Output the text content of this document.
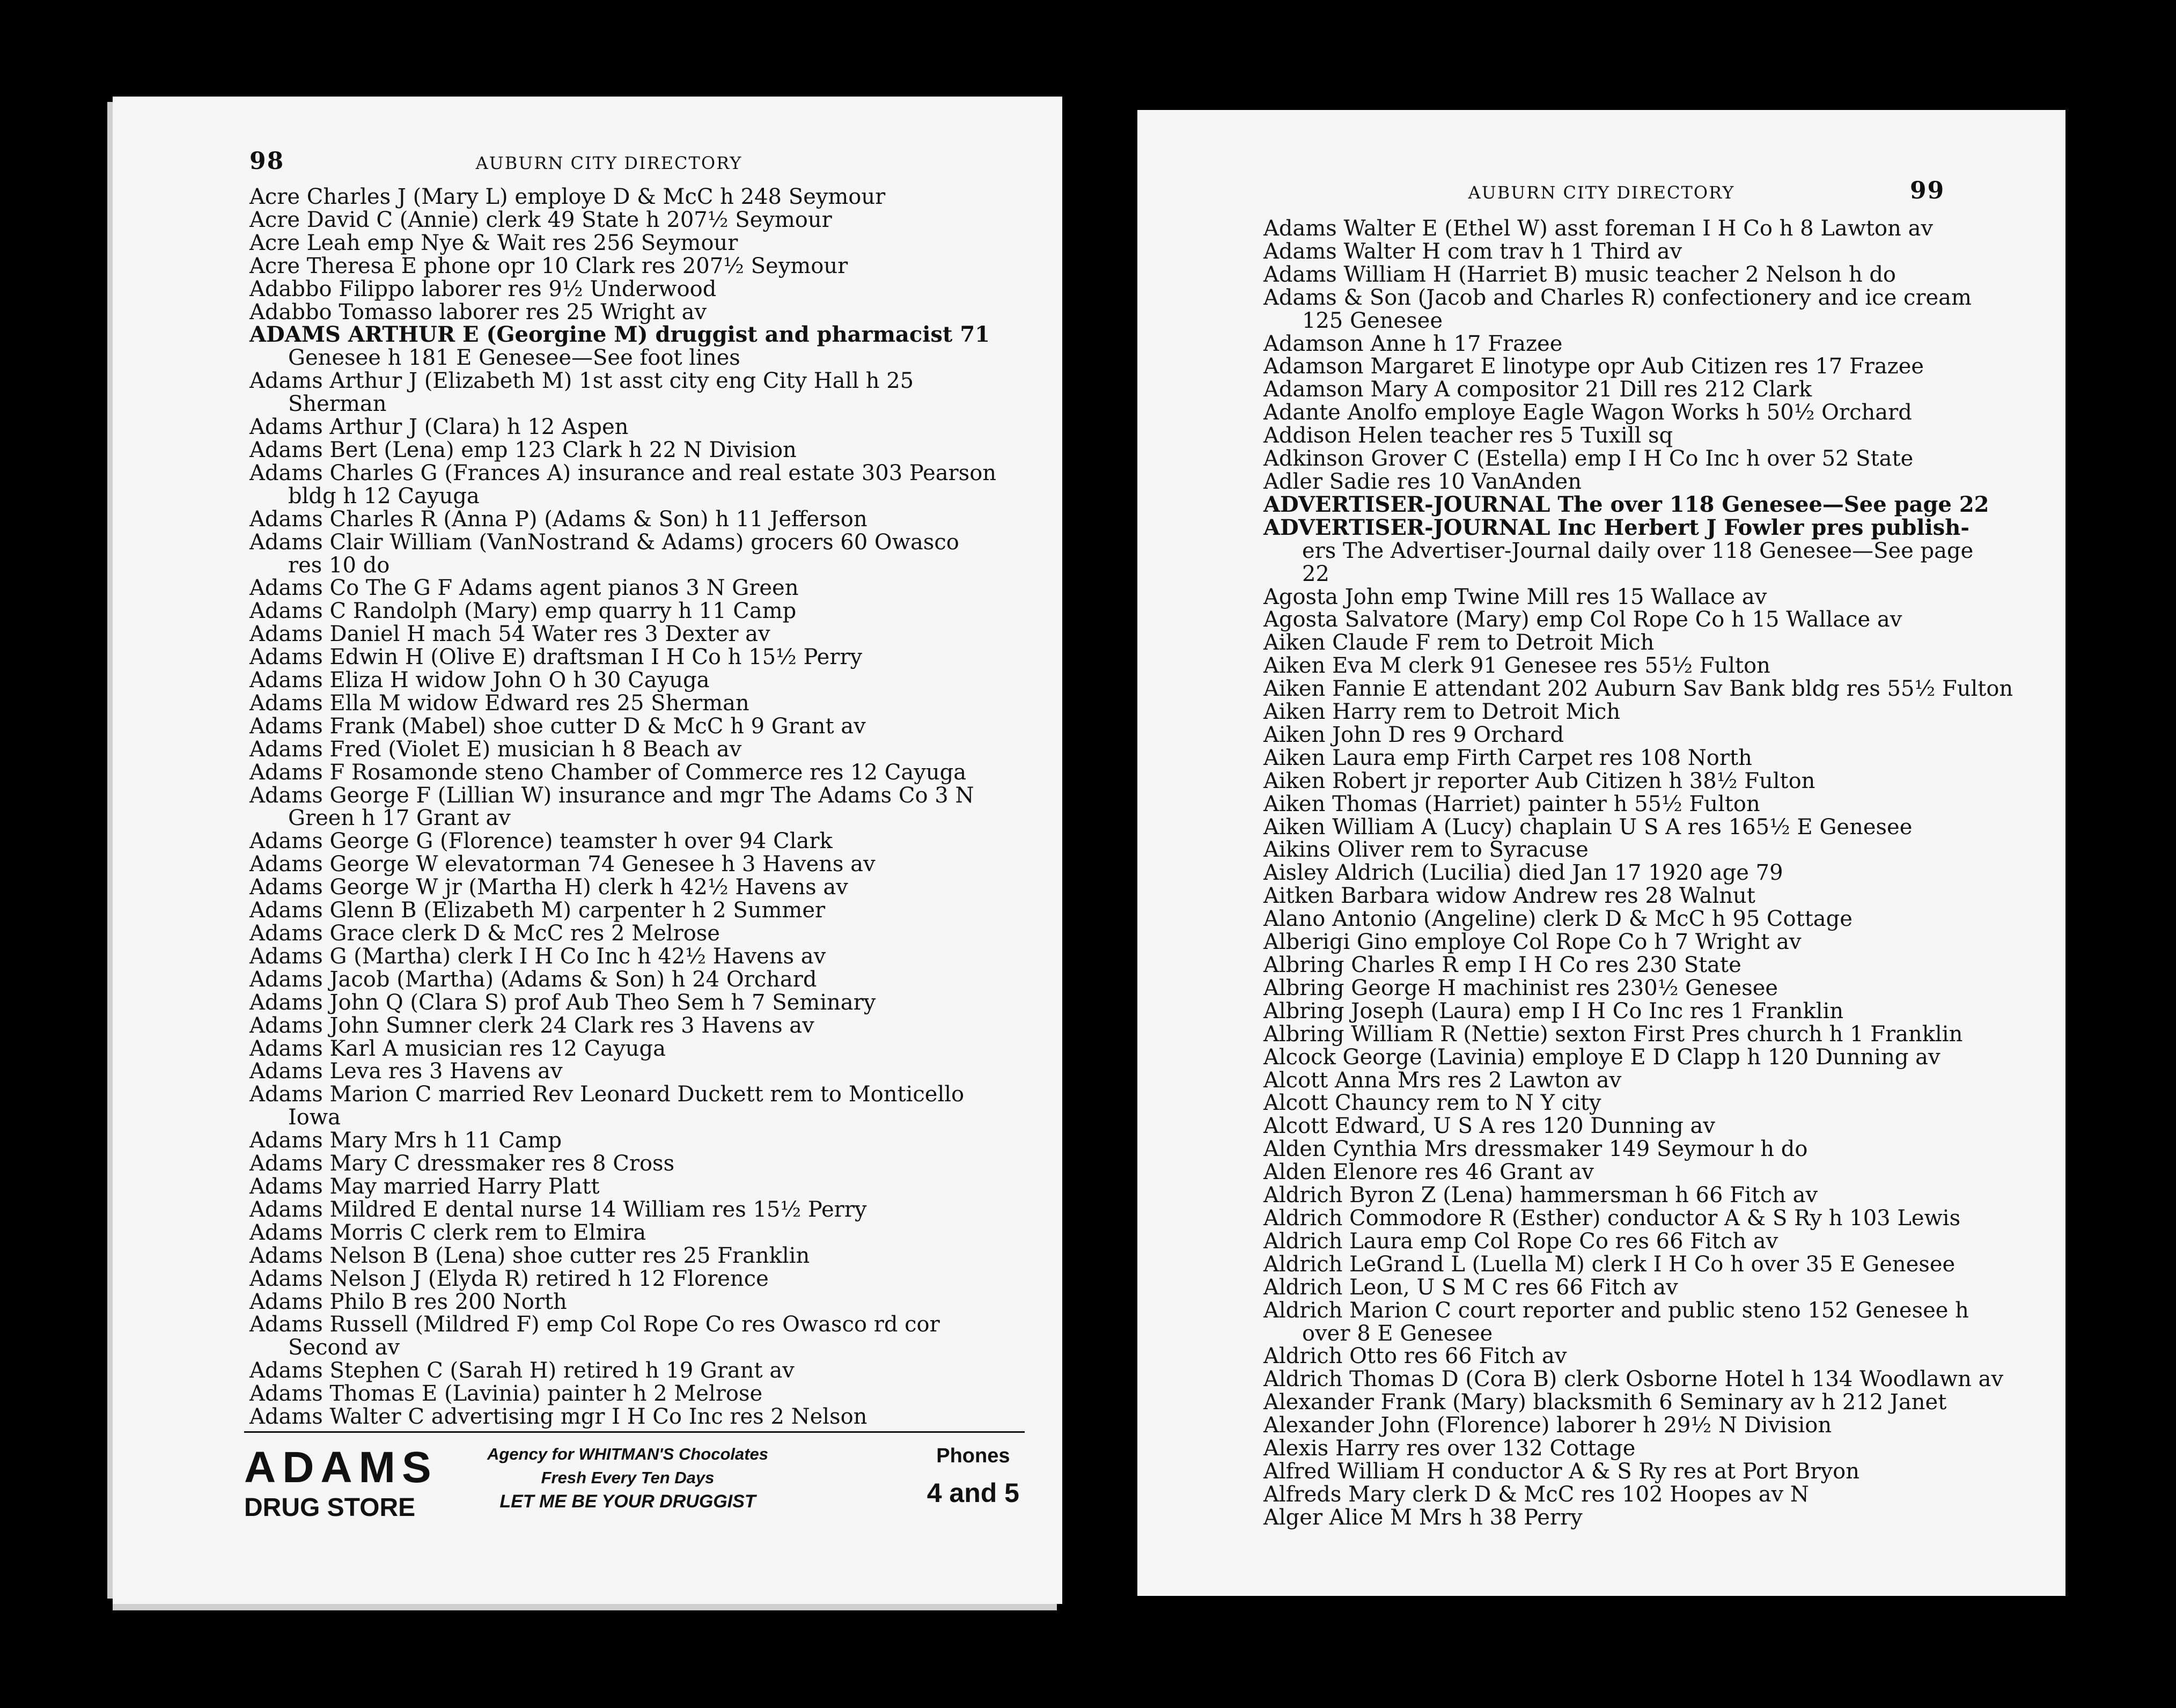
98	AUBURN CITY DIRECTORY
Acre Charles J (Mary L) employe D & McC h 248 Seymour
Acre David C (Annie) clerk 49 State h 207½ Seymour
Acre Leah emp Nye & Wait res 256 Seymour
Acre Theresa E phone opr 10 Clark res 207½ Seymour
Adabbo Filippo laborer res 9½ Underwood
Adabbo Tomasso laborer res 25 Wright av
ADAMS ARTHUR E (Georgine M) druggist and pharmacist 71
Genesee h 181 E Genesee—See foot lines
Adams Arthur J (Elizabeth M) 1st asst city eng City Hall h 25
Sherman
Adams Arthur J (Clara) h 12 Aspen
Adams Bert (Lena) emp 123 Clark h 22 N Division
Adams Charles G (Frances A) insurance and real estate 303 Pearson
bldg h 12 Cayuga
Adams Charles R (Anna P) (Adams & Son) h 11 Jefferson
Adams Clair William (VanNostrand & Adams) grocers 60 Owasco
res 10 do
Adams Co The G F Adams agent pianos 3 N Green
Adams C Randolph (Mary) emp quarry h 11 Camp
Adams Daniel H mach 54 Water res 3 Dexter av
Adams Edwin H (Olive E) draftsman I H Co h 15½ Perry
Adams Eliza H widow John O h 30 Cayuga
Adams Ella M widow Edward res 25 Sherman
Adams Frank (Mabel) shoe cutter D & McC h 9 Grant av
Adams Fred (Violet E) musician h 8 Beach av
Adams F Rosamonde steno Chamber of Commerce res 12 Cayuga
Adams George F (Lillian W) insurance and mgr The Adams Co 3 N
Green h 17 Grant av
Adams George G (Florence) teamster h over 94 Clark
Adams George W elevatorman 74 Genesee h 3 Havens av
Adams George W jr (Martha H) clerk h 42½ Havens av
Adams Glenn B (Elizabeth M) carpenter h 2 Summer
Adams Grace clerk D & McC res 2 Melrose
Adams G (Martha) clerk I H Co Inc h 42½ Havens av
Adams Jacob (Martha) (Adams & Son) h 24 Orchard
Adams John Q (Clara S) prof Aub Theo Sem h 7 Seminary
Adams John Sumner clerk 24 Clark res 3 Havens av
Adams Karl A musician res 12 Cayuga
Adams Leva res 3 Havens av
Adams Marion C married Rev Leonard Duckett rem to Monticello
Iowa
Adams Mary Mrs h 11 Camp
Adams Mary C dressmaker res 8 Cross
Adams May married Harry Platt
Adams Mildred E dental nurse 14 William res 15½ Perry
Adams Morris C clerk rem to Elmira
Adams Nelson B (Lena) shoe cutter res 25 Franklin
Adams Nelson J (Elyda R) retired h 12 Florence
Adams Philo B res 200 North
Adams Russell (Mildred F) emp Col Rope Co res Owasco rd cor
Second av
Adams Stephen C (Sarah H) retired h 19 Grant av
Adams Thomas E (Lavinia) painter h 2 Melrose
Adams Walter C advertising mgr I H Co Inc res 2 Nelson
ADAMS
DRUG STORE
Agency for WHITMAN'S Chocolates
Fresh Every Ten Days
LET ME BE YOUR DRUGGIST
Phones
4 and 5
AUBURN CITY DIRECTORY	99
Adams Walter E (Ethel W) asst foreman I H Co h 8 Lawton av
Adams Walter H com trav h 1 Third av
Adams William H (Harriet B) music teacher 2 Nelson h do
Adams & Son (Jacob and Charles R) confectionery and ice cream
125 Genesee
Adamson Anne h 17 Frazee
Adamson Margaret E linotype opr Aub Citizen res 17 Frazee
Adamson Mary A compositor 21 Dill res 212 Clark
Adante Anolfo employe Eagle Wagon Works h 50½ Orchard
Addison Helen teacher res 5 Tuxill sq
Adkinson Grover C (Estella) emp I H Co Inc h over 52 State
Adler Sadie res 10 VanAnden
ADVERTISER-JOURNAL The over 118 Genesee—See page 22
ADVERTISER-JOURNAL Inc Herbert J Fowler pres publish-
ers The Advertiser-Journal daily over 118 Genesee—See page
22
Agosta John emp Twine Mill res 15 Wallace av
Agosta Salvatore (Mary) emp Col Rope Co h 15 Wallace av
Aiken Claude F rem to Detroit Mich
Aiken Eva M clerk 91 Genesee res 55½ Fulton
Aiken Fannie E attendant 202 Auburn Sav Bank bldg res 55½ Fulton
Aiken Harry rem to Detroit Mich
Aiken John D res 9 Orchard
Aiken Laura emp Firth Carpet res 108 North
Aiken Robert jr reporter Aub Citizen h 38½ Fulton
Aiken Thomas (Harriet) painter h 55½ Fulton
Aiken William A (Lucy) chaplain U S A res 165½ E Genesee
Aikins Oliver rem to Syracuse
Aisley Aldrich (Lucilia) died Jan 17 1920 age 79
Aitken Barbara widow Andrew res 28 Walnut
Alano Antonio (Angeline) clerk D & McC h 95 Cottage
Alberigi Gino employe Col Rope Co h 7 Wright av
Albring Charles R emp I H Co res 230 State
Albring George H machinist res 230½ Genesee
Albring Joseph (Laura) emp I H Co Inc res 1 Franklin
Albring William R (Nettie) sexton First Pres church h 1 Franklin
Alcock George (Lavinia) employe E D Clapp h 120 Dunning av
Alcott Anna Mrs res 2 Lawton av
Alcott Chauncy rem to N Y city
Alcott Edward, U S A res 120 Dunning av
Alden Cynthia Mrs dressmaker 149 Seymour h do
Alden Elenore res 46 Grant av
Aldrich Byron Z (Lena) hammersman h 66 Fitch av
Aldrich Commodore R (Esther) conductor A & S Ry h 103 Lewis
Aldrich Laura emp Col Rope Co res 66 Fitch av
Aldrich LeGrand L (Luella M) clerk I H Co h over 35 E Genesee
Aldrich Leon, U S M C res 66 Fitch av
Aldrich Marion C court reporter and public steno 152 Genesee h
over 8 E Genesee
Aldrich Otto res 66 Fitch av
Aldrich Thomas D (Cora B) clerk Osborne Hotel h 134 Woodlawn av
Alexander Frank (Mary) blacksmith 6 Seminary av h 212 Janet
Alexander John (Florence) laborer h 29½ N Division
Alexis Harry res over 132 Cottage
Alfred William H conductor A & S Ry res at Port Bryon
Alfreds Mary clerk D & McC res 102 Hoopes av N
Alger Alice M Mrs h 38 Perry
